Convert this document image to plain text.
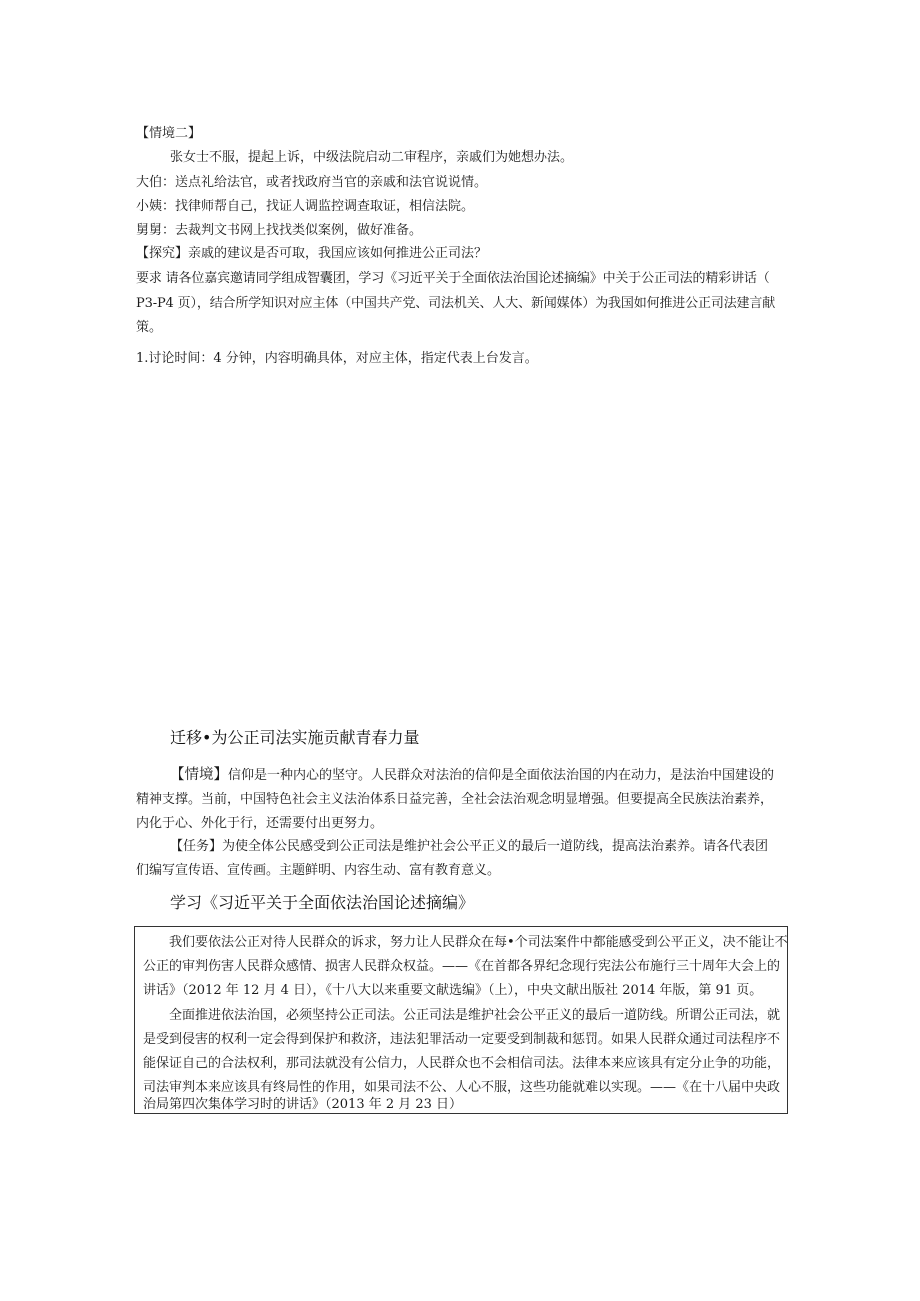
【情境二】
张女士不服，提起上诉，中级法院启动二审程序，亲戚们为她想办法。
大伯：送点礼给法官，或者找政府当官的亲戚和法官说说情。
小姨：找律师帮自己，找证人调监控调查取证，相信法院。
舅舅：去裁判文书网上找找类似案例，做好准备。
【探究】亲戚的建议是否可取，我国应该如何推进公正司法？
要求 请各位嘉宾邀请同学组成智囊团，学习《习近平关于全面依法治国论述摘编》中关于公正司法的精彩讲话（
P3-P4 页），结合所学知识对应主体（中国共产党、司法机关、人大、新闻媒体）为我国如何推进公正司法建言献
策。
1.讨论时间：4 分钟，内容明确具体，对应主体，指定代表上台发言。
迁移•为公正司法实施贡献青春力量
【情境】信仰是一种内心的坚守。人民群众对法治的信仰是全面依法治国的内在动力，是法治中国建设的
精神支撑。当前，中国特色社会主义法治体系日益完善，全社会法治观念明显增强。但要提高全民族法治素养，
内化于心、外化于行，还需要付出更努力。
【任务】为使全体公民感受到公正司法是维护社会公平正义的最后一道防线，提高法治素养。请各代表团
们编写宣传语、宣传画。主题鲜明、内容生动、富有教育意义。
学习《习近平关于全面依法治国论述摘编》
我们要依法公正对待人民群众的诉求，努力让人民群众在每•个司法案件中都能感受到公平正义，决不能让不
公正的审判伤害人民群众感情、损害人民群众权益。——《在首都各界纪念现行宪法公布施行三十周年大会上的
讲话》（2012 年 12 月 4 日），《十八大以来重要文献选编》（上），中央文献出版社 2014 年版，第 91 页。
全面推进依法治国，必须坚持公正司法。公正司法是维护社会公平正义的最后一道防线。所谓公正司法，就
是受到侵害的权利一定会得到保护和救济，违法犯罪活动一定要受到制裁和惩罚。如果人民群众通过司法程序不
能保证自己的合法权利，那司法就没有公信力，人民群众也不会相信司法。法律本来应该具有定分止争的功能，
司法审判本来应该具有终局性的作用，如果司法不公、人心不服，这些功能就难以实现。——《在十八届中央政
治局第四次集体学习时的讲话》（2013 年 2 月 23 日）
